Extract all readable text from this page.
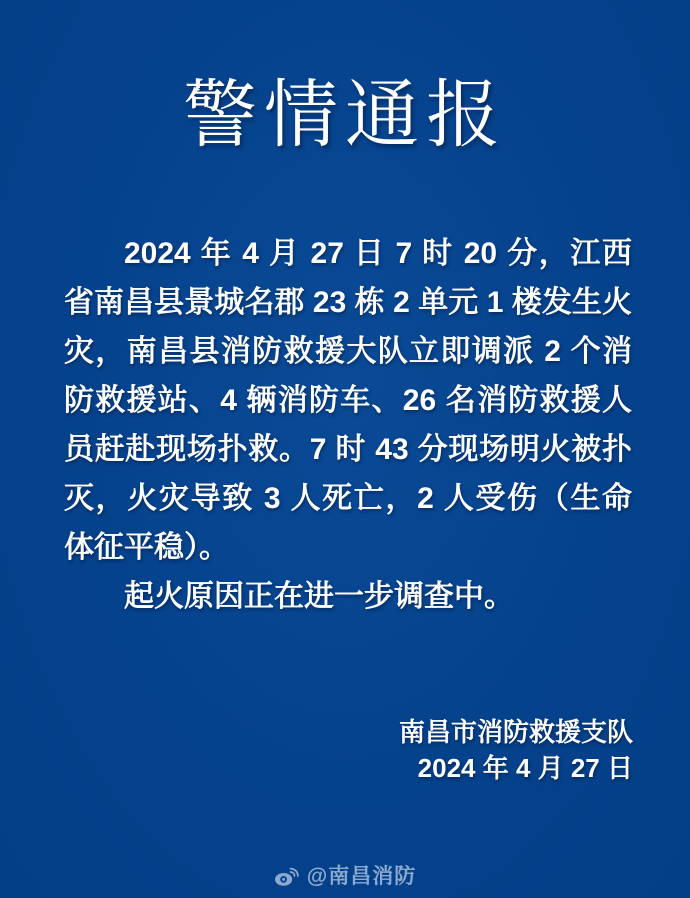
警情通报

2024 年 4 月 27 日 7 时 20 分，江西省南昌县景城名郡 23 栋 2 单元 1 楼发生火灾，南昌县消防救援大队立即调派 2 个消防救援站、4 辆消防车、26 名消防救援人员赶赴现场扑救。7 时 43 分现场明火被扑灭，火灾导致 3 人死亡，2 人受伤（生命体征平稳）。

起火原因正在进一步调查中。

南昌市消防救援支队
2024 年 4 月 27 日
@南昌消防
